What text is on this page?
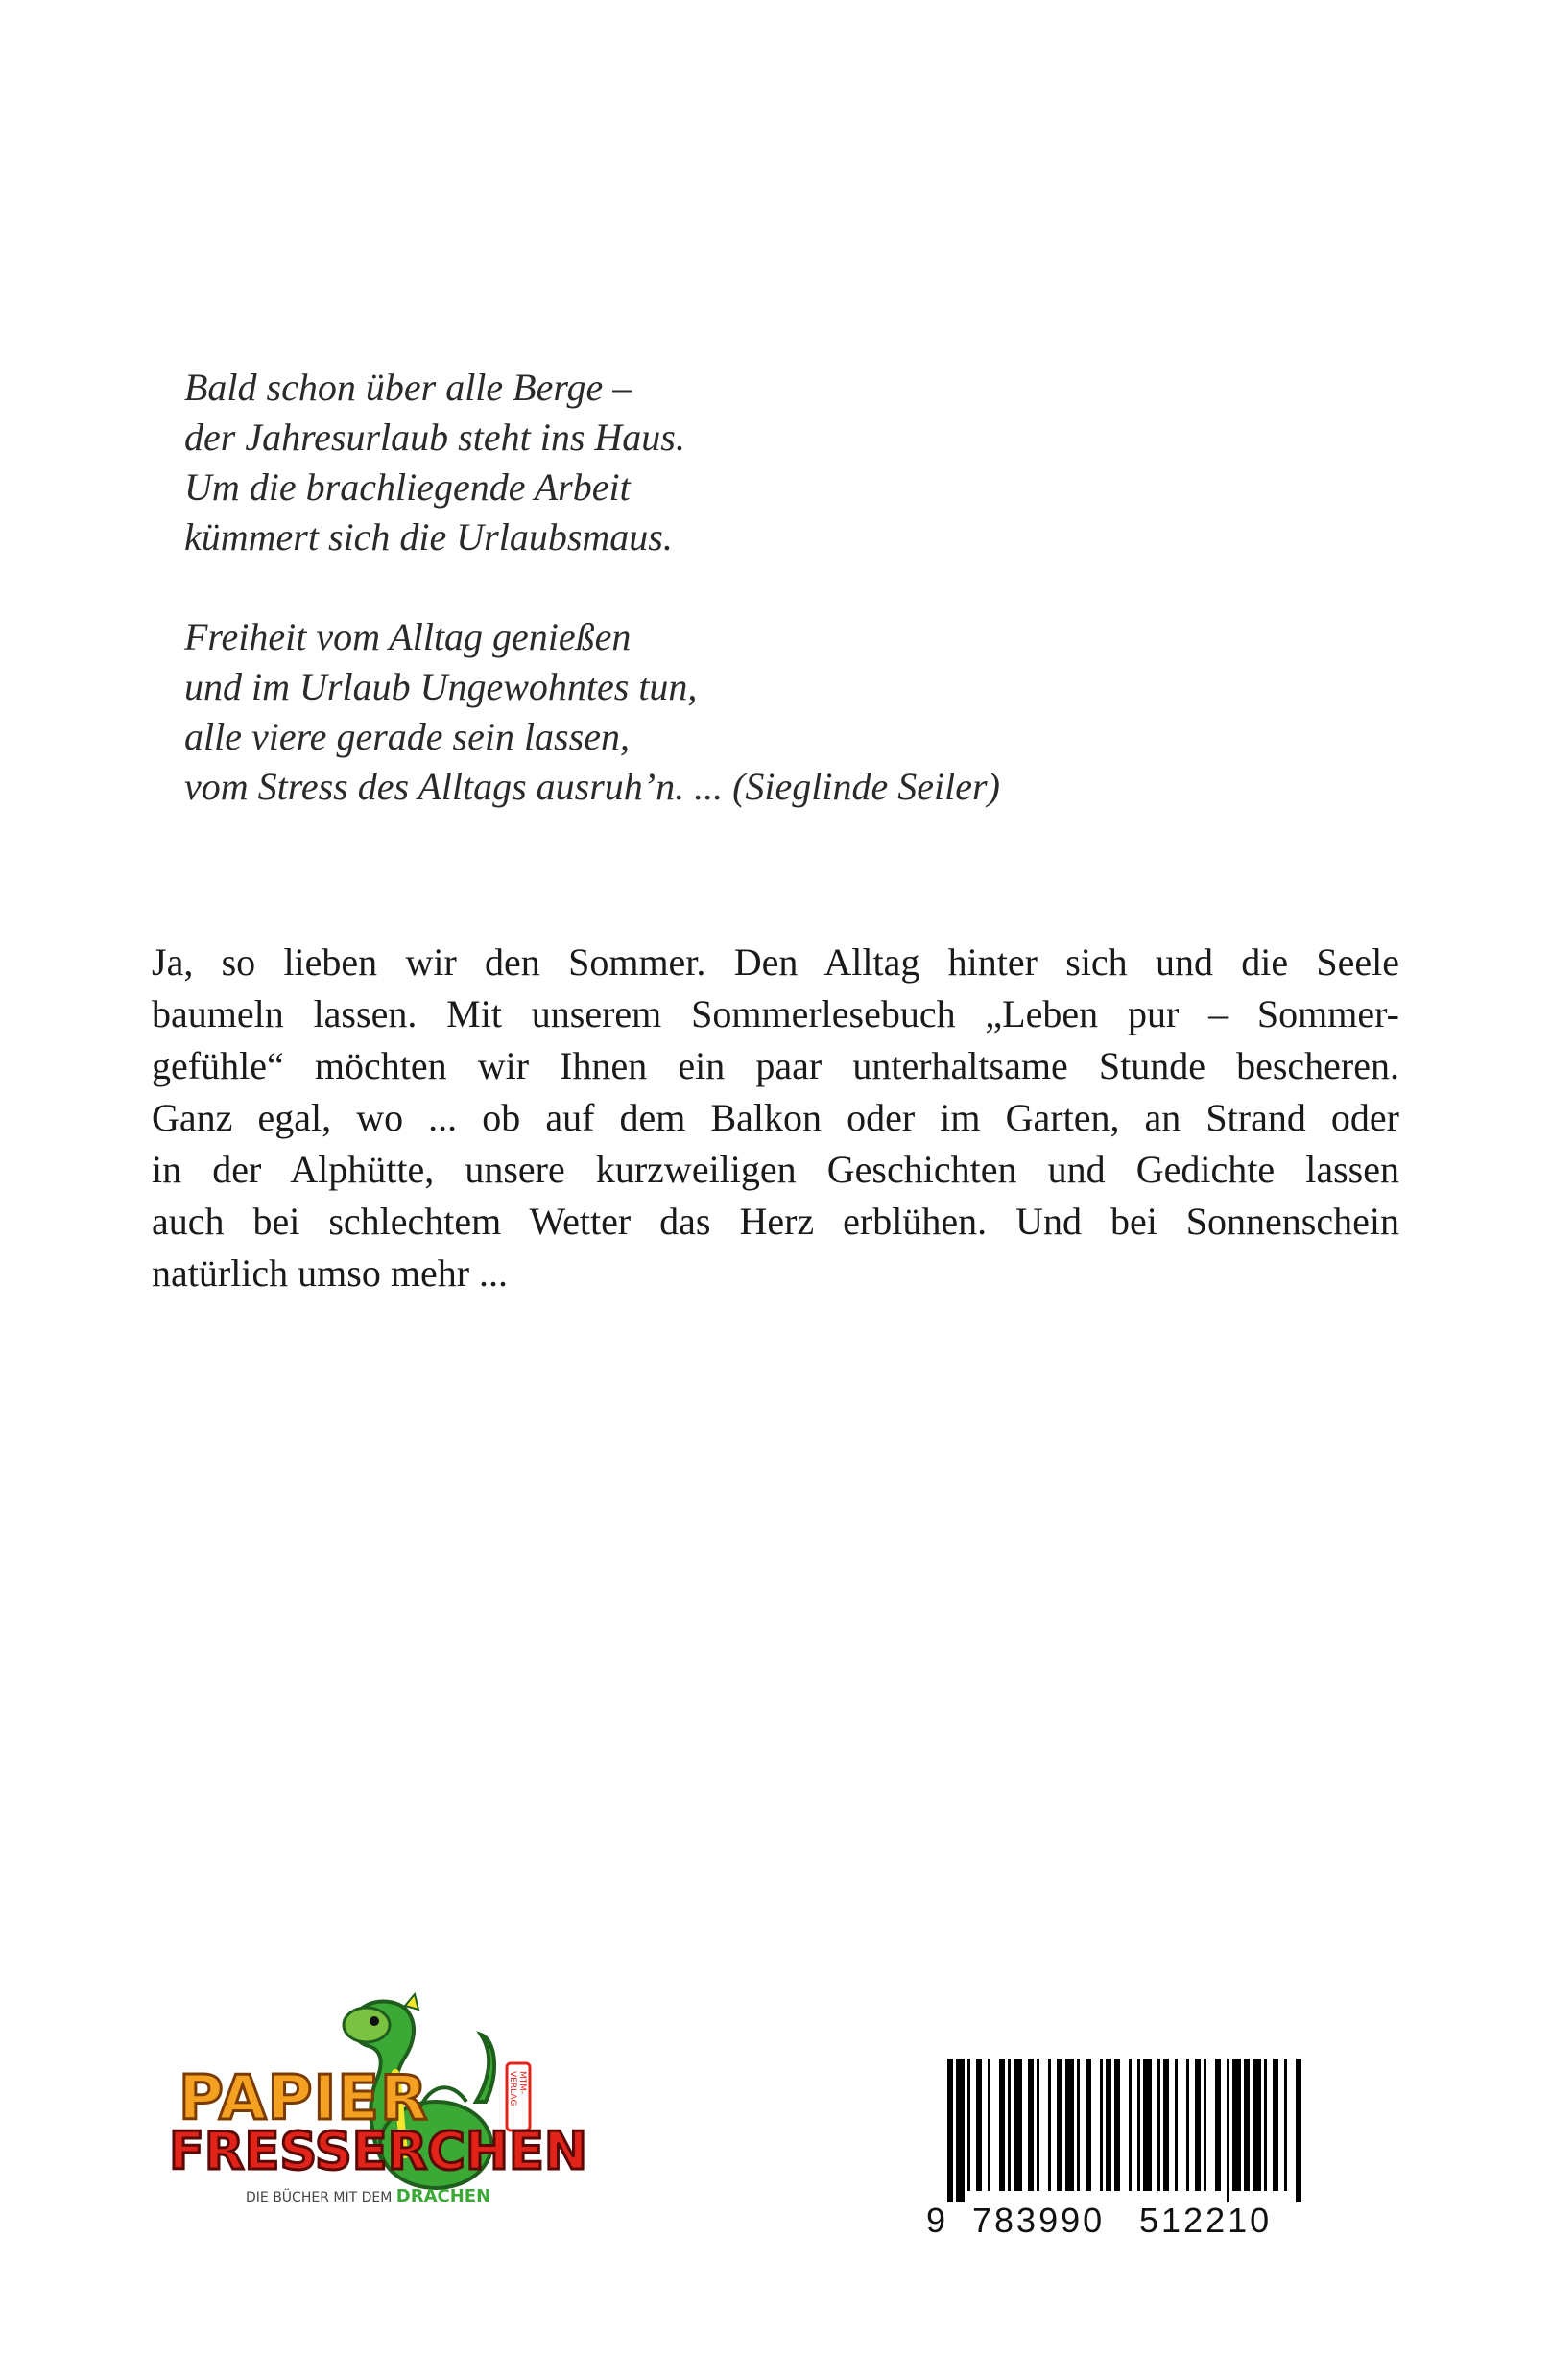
Bald schon über alle Berge –
der Jahresurlaub steht ins Haus.
Um die brachliegende Arbeit
kümmert sich die Urlaubsmaus.
Freiheit vom Alltag genießen
und im Urlaub Ungewohntes tun,
alle viere gerade sein lassen,
vom Stress des Alltags ausruh’n. ... (Sieglinde Seiler)
Ja, so lieben wir den Sommer. Den Alltag hinter sich und die Seele
baumeln lassen. Mit unserem Sommerlesebuch „Leben pur – Sommer-
gefühle“ möchten wir Ihnen ein paar unterhaltsame Stunde bescheren.
Ganz egal, wo ... ob auf dem Balkon oder im Garten, an Strand oder
in der Alphütte, unsere kurzweiligen Geschichten und Gedichte lassen
auch bei schlechtem Wetter das Herz erblühen. Und bei Sonnenschein
natürlich umso mehr ...
PAPIER
FRESSERCHEN
MTM-VERLAG
DIE BÜCHER MIT DEM DRACHEN
9 783990 512210
